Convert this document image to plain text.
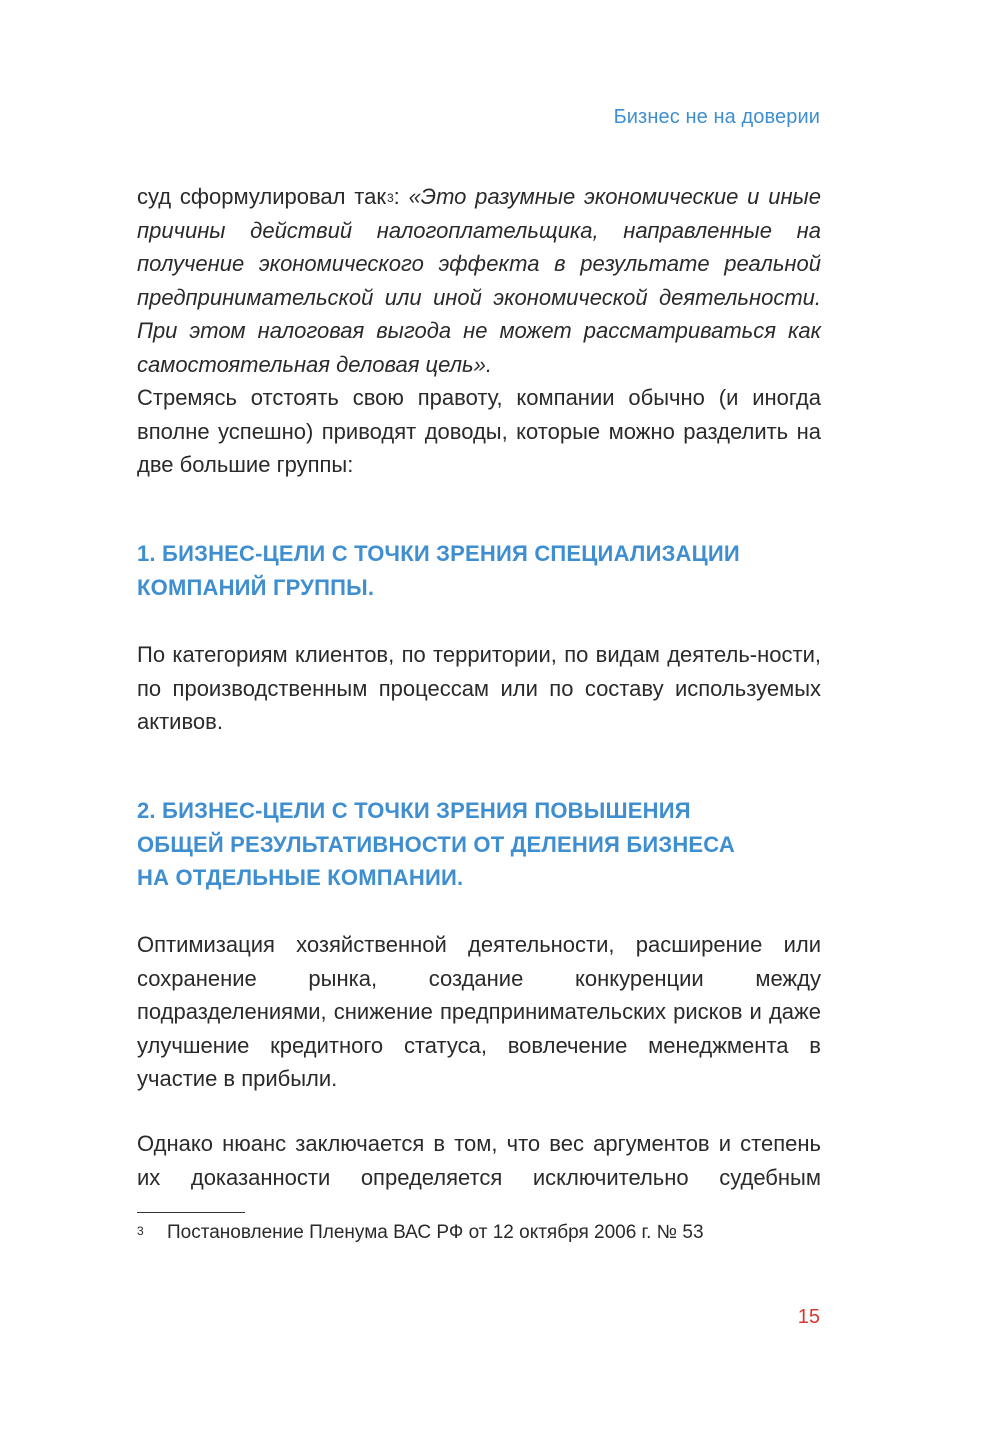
Бизнес не на доверии

суд сформулировал так$^3$: «Это разумные экономические и иные причины действий налогоплательщика, направленные на получение экономического эффекта в результате реальной предпринимательской или иной экономической деятельности. При этом налоговая выгода не может рассматриваться как самостоятельная деловая цель».

Стремясь отстоять свою правоту, компании обычно (и иногда вполне успешно) приводят доводы, которые можно разделить на две большие группы:

1. БИЗНЕС-ЦЕЛИ С ТОЧКИ ЗРЕНИЯ СПЕЦИАЛИЗАЦИИ
КОМПАНИЙ ГРУППЫ.

По категориям клиентов, по территории, по видам деятель-ности, по производственным процессам или по составу используемых активов.

2. БИЗНЕС-ЦЕЛИ С ТОЧКИ ЗРЕНИЯ ПОВЫШЕНИЯ
ОБЩЕЙ РЕЗУЛЬТАТИВНОСТИ ОТ ДЕЛЕНИЯ БИЗНЕСА
НА ОТДЕЛЬНЫЕ КОМПАНИИ.

Оптимизация хозяйственной деятельности, расширение или сохранение рынка, создание конкуренции между подразделениями, снижение предпринимательских рисков и даже улучшение кредитного статуса, вовлечение менеджмента в участие в прибыли.

Однако нюанс заключается в том, что вес аргументов и степень их доказанности определяется исключительно судебным

3 Постановление Пленума ВАС РФ от 12 октября 2006 г. № 53
15
